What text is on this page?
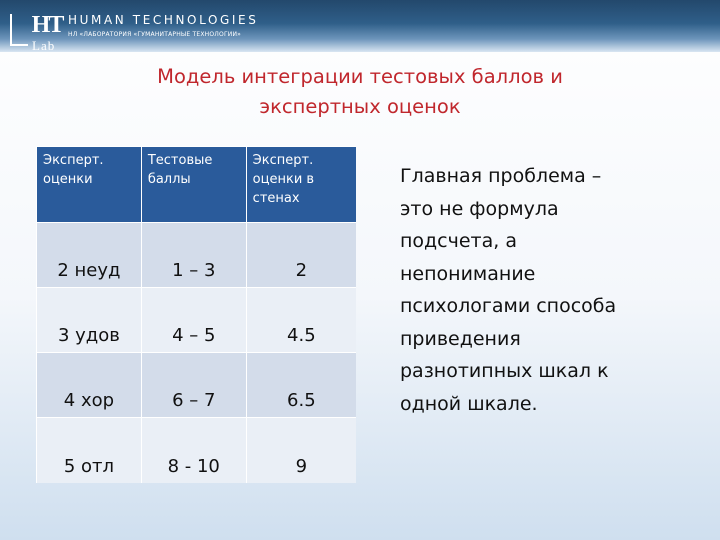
HT
Lab
HUMAN TECHNOLOGIES
НЛ «ЛАБОРАТОРИЯ «ГУМАНИТАРНЫЕ ТЕХНОЛОГИИ»
Модель интеграции тестовых баллов и
экспертных оценок
Эксперт. оценки	Тестовые баллы	Эксперт. оценки в стенах
2 неуд	1 – 3	2
3 удов	4 – 5	4.5
4 хор	6 – 7	6.5
5 отл	8 - 10	9
Главная проблема –
это не формула
подсчета, а
непонимание
психологами способа
приведения
разнотипных шкал к
одной шкале.
